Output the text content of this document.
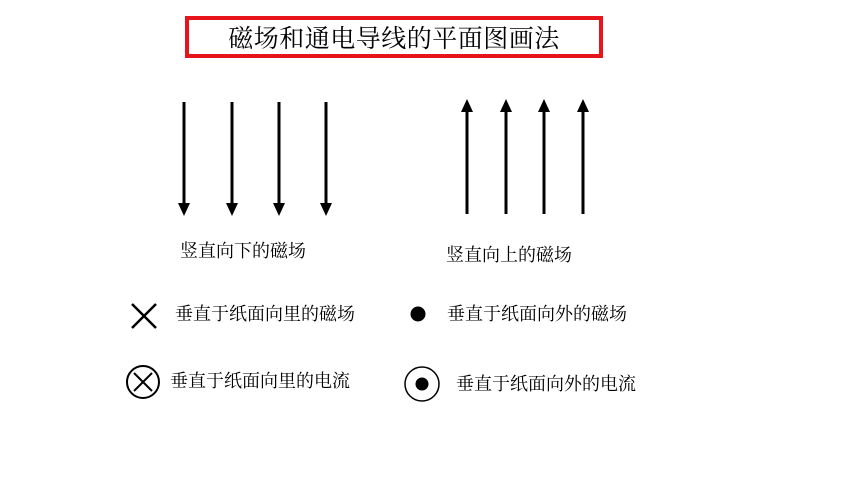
磁场和通电导线的平面图画法
竖直向下的磁场	竖直向上的磁场
垂直于纸面向里的磁场	垂直于纸面向外的磁场
垂直于纸面向里的电流	垂直于纸面向外的电流
